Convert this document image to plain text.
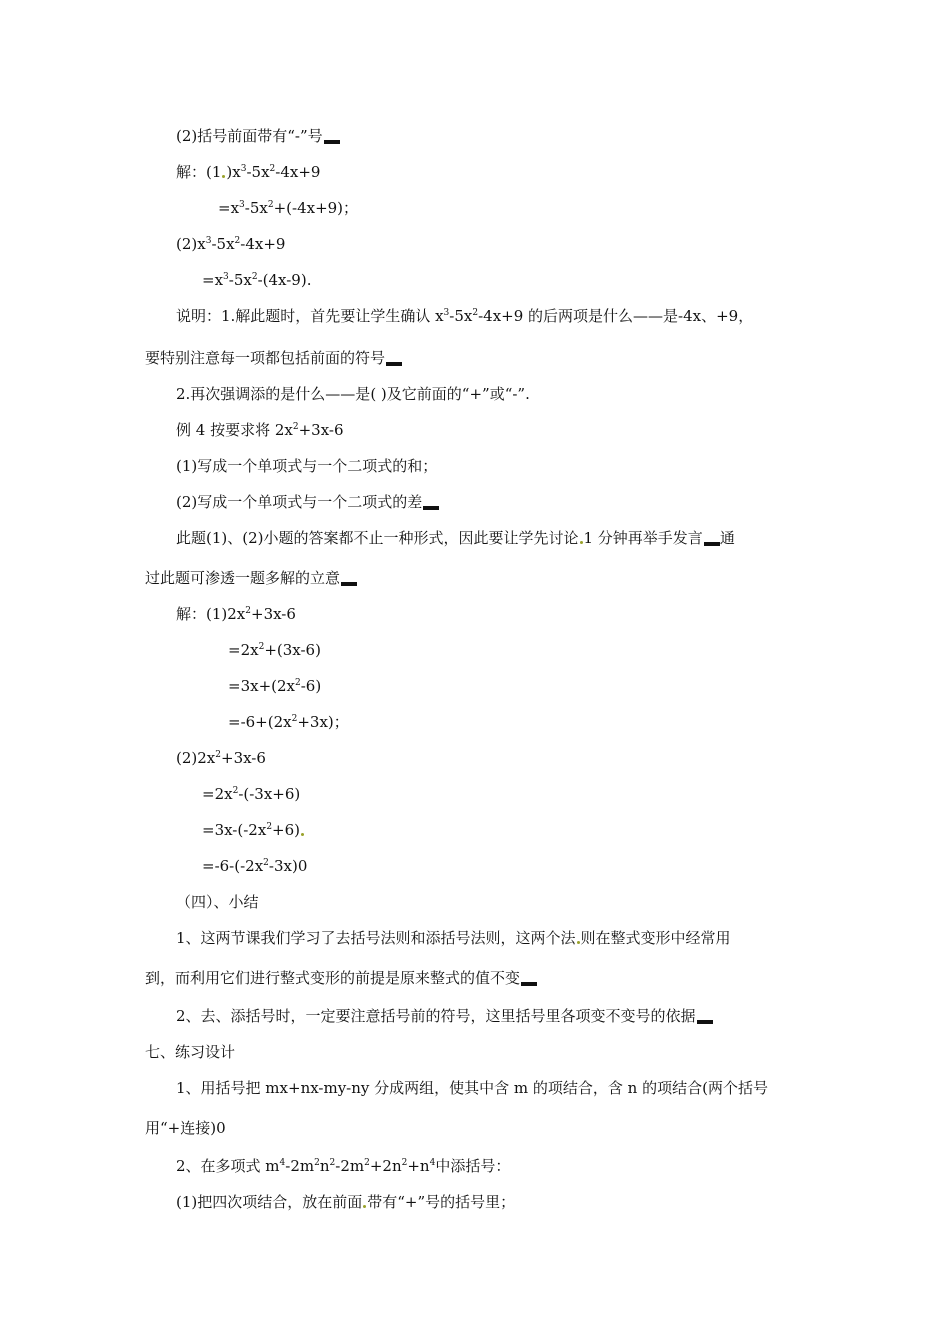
(2)括号前面带有“-”号
解：(1 )$x^3-5x^2-4x+9$
$=x^3-5x^2+(-4x+9)$；
$(2)x^3-5x^2-4x+9$
$=x^3-5x^2-(4x-9)$.
说明：1.解此题时，首先要让学生确认 $x^3-5x^2-4x+9$ 的后两项是什么——是-4x、+9，
要特别注意每一项都包括前面的符号
2.再次强调添的是什么——是( )及它前面的“+”或“-”.
例 4 按要求将 $2x^2+3x-6$
(1)写成一个单项式与一个二项式的和；
(2)写成一个单项式与一个二项式的差
此题(1)、(2)小题的答案都不止一种形式，因此要让学先讨论 1 分钟再举手发言 通
过此题可渗透一题多解的立意
解：$(1)2x^2+3x-6$
$=2x^2+(3x-6)$
$=3x+(2x^2-6)$
$=-6+(2x^2+3x)$；
$(2)2x^2+3x-6$
$=2x^2-(-3x+6)$
$=3x-(-2x^2+6)$
$=-6-(-2x^2-3x)0$
（四）、小结
1、这两节课我们学习了去括号法则和添括号法则，这两个法 则在整式变形中经常用
到，而利用它们进行整式变形的前提是原来整式的值不变
2、去、添括号时，一定要注意括号前的符号，这里括号里各项变不变号的依据
七、练习设计
1、用括号把 mx+nx-my-ny 分成两组，使其中含 m 的项结合，含 n 的项结合(两个括号
用“+连接)0
2、在多项式 $m^4-2m^2n^2-2m^2+2n^2+n^4$中添括号：
(1)把四次项结合，放在前面 带有“+”号的括号里；
